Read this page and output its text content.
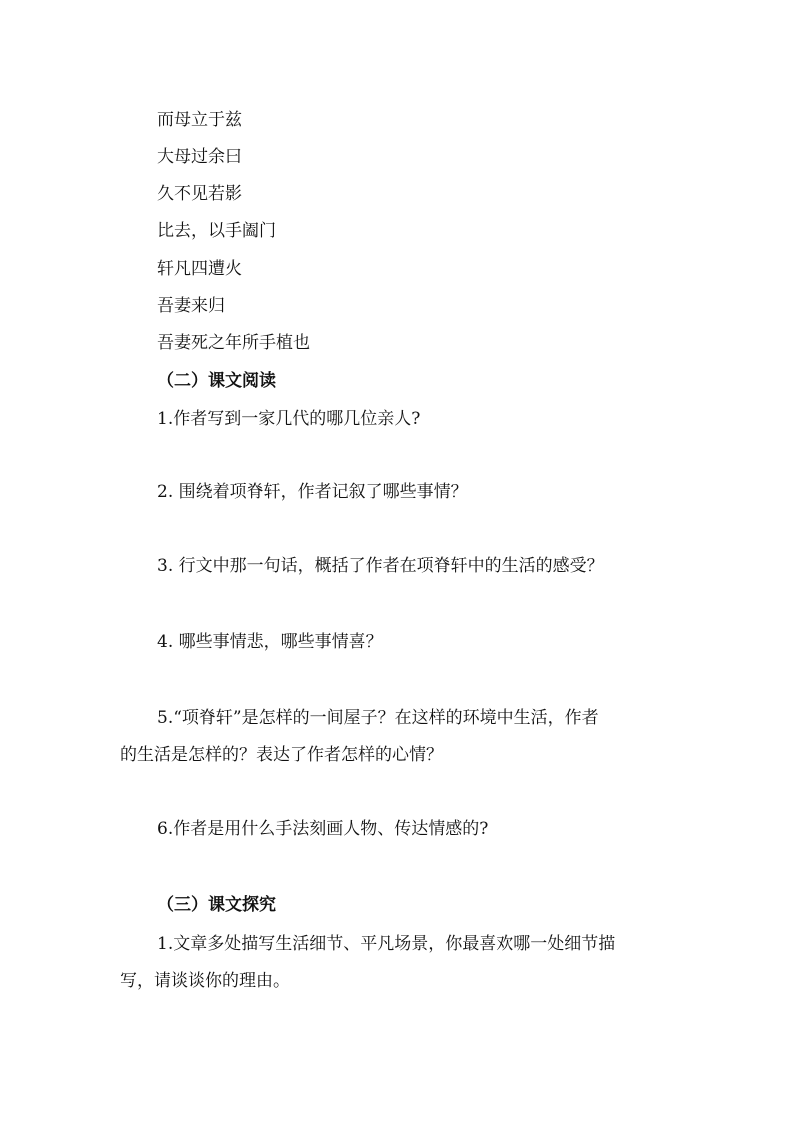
而母立于兹
大母过余曰
久不见若影
比去，以手阖门
轩凡四遭火
吾妻来归
吾妻死之年所手植也
（二）课文阅读
1.作者写到一家几代的哪几位亲人?
2. 围绕着项脊轩，作者记叙了哪些事情？
3. 行文中那一句话，概括了作者在项脊轩中的生活的感受？
4. 哪些事情悲，哪些事情喜？
5.“项脊轩”是怎样的一间屋子？在这样的环境中生活，作者
的生活是怎样的？表达了作者怎样的心情？
6.作者是用什么手法刻画人物、传达情感的?
（三）课文探究
1.文章多处描写生活细节、平凡场景，你最喜欢哪一处细节描
写，请谈谈你的理由。
